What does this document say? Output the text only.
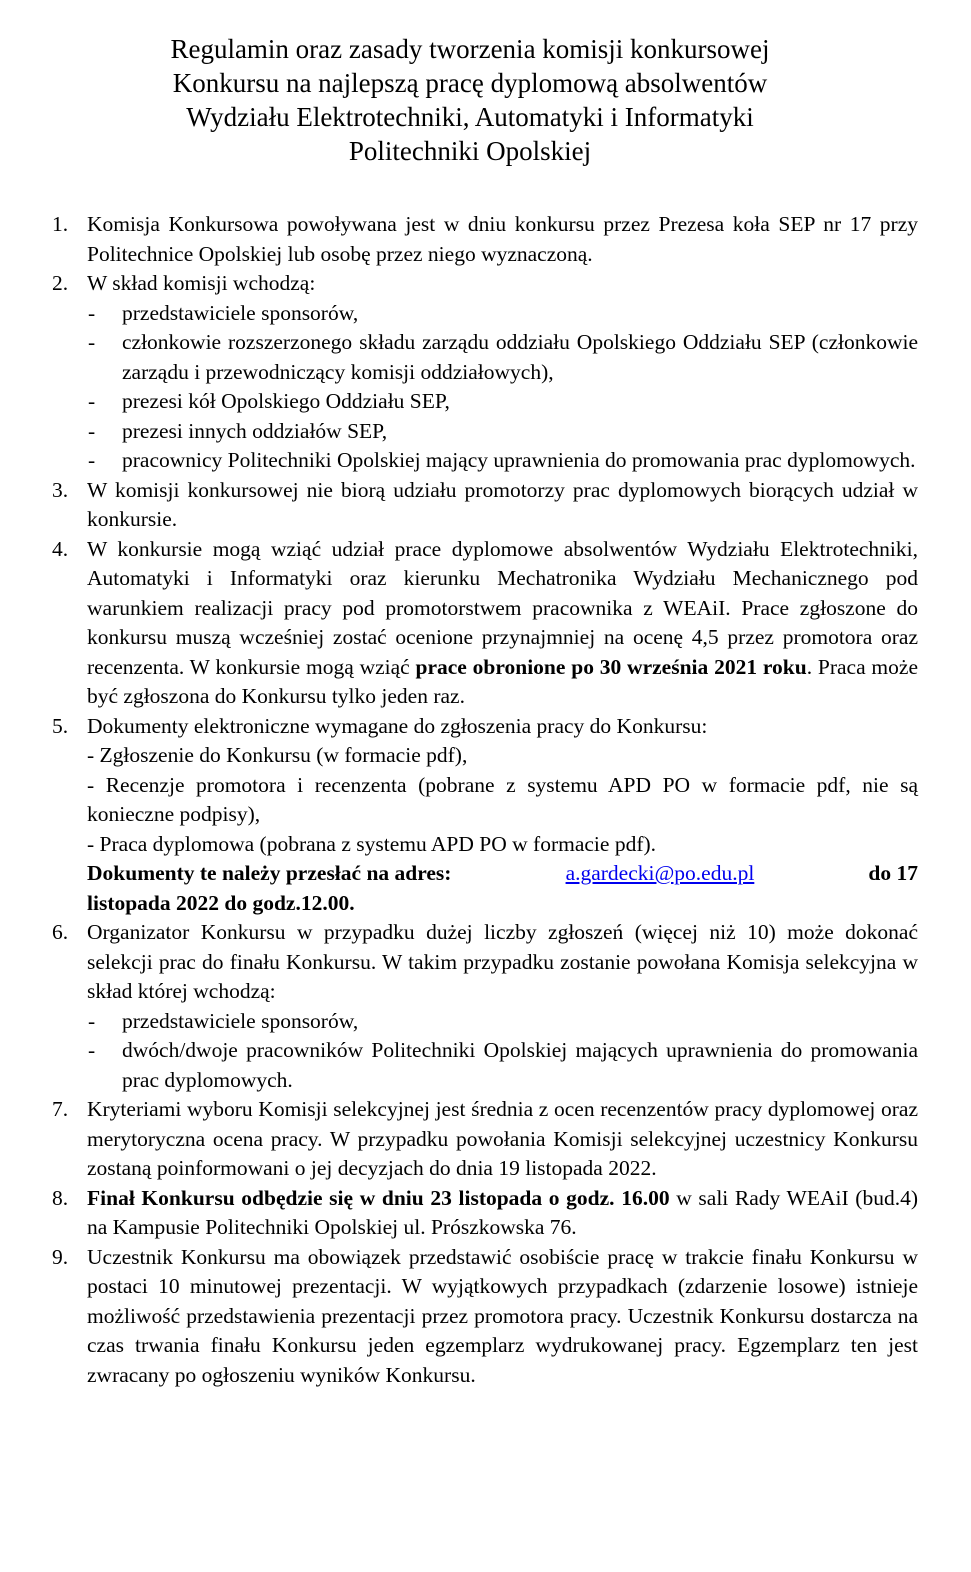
Regulamin oraz zasady tworzenia komisji konkursowej
Konkursu na najlepszą pracę dyplomową absolwentów
Wydziału Elektrotechniki, Automatyki i Informatyki
Politechniki Opolskiej
1. Komisja Konkursowa powoływana jest w dniu konkursu przez Prezesa koła SEP nr 17 przy Politechnice Opolskiej lub osobę przez niego wyznaczoną.
2. W skład komisji wchodzą:
- przedstawiciele sponsorów,
- członkowie rozszerzonego składu zarządu oddziału Opolskiego Oddziału SEP (członkowie zarządu i przewodniczący komisji oddziałowych),
- prezesi kół Opolskiego Oddziału SEP,
- prezesi innych oddziałów SEP,
- pracownicy Politechniki Opolskiej mający uprawnienia do promowania prac dyplomowych.
3. W komisji konkursowej nie biorą udziału promotorzy prac dyplomowych biorących udział w konkursie.
4. W konkursie mogą wziąć udział prace dyplomowe absolwentów Wydziału Elektrotechniki, Automatyki i Informatyki oraz kierunku Mechatronika Wydziału Mechanicznego pod warunkiem realizacji pracy pod promotorstwem pracownika z WEAiI. Prace zgłoszone do konkursu muszą wcześniej zostać ocenione przynajmniej na ocenę 4,5 przez promotora oraz recenzenta. W konkursie mogą wziąć prace obronione po 30 września 2021 roku. Praca może być zgłoszona do Konkursu tylko jeden raz.
5. Dokumenty elektroniczne wymagane do zgłoszenia pracy do Konkursu:
- Zgłoszenie do Konkursu (w formacie pdf),
- Recenzje promotora i recenzenta (pobrane z systemu APD PO w formacie pdf, nie są konieczne podpisy),
- Praca dyplomowa (pobrana z systemu APD PO w formacie pdf).
Dokumenty te należy przesłać na adres:	a.gardecki@po.edu.pl	do 17
listopada 2022 do godz.12.00.
6. Organizator Konkursu w przypadku dużej liczby zgłoszeń (więcej niż 10) może dokonać selekcji prac do finału Konkursu. W takim przypadku zostanie powołana Komisja selekcyjna w skład której wchodzą:
- przedstawiciele sponsorów,
- dwóch/dwoje pracowników Politechniki Opolskiej mających uprawnienia do promowania prac dyplomowych.
7. Kryteriami wyboru Komisji selekcyjnej jest średnia z ocen recenzentów pracy dyplomowej oraz merytoryczna ocena pracy. W przypadku powołania Komisji selekcyjnej uczestnicy Konkursu zostaną poinformowani o jej decyzjach do dnia 19 listopada 2022.
8. Finał Konkursu odbędzie się w dniu 23 listopada o godz. 16.00 w sali Rady WEAiI (bud.4) na Kampusie Politechniki Opolskiej ul. Prószkowska 76.
9. Uczestnik Konkursu ma obowiązek przedstawić osobiście pracę w trakcie finału Konkursu w postaci 10 minutowej prezentacji. W wyjątkowych przypadkach (zdarzenie losowe) istnieje możliwość przedstawienia prezentacji przez promotora pracy. Uczestnik Konkursu dostarcza na czas trwania finału Konkursu jeden egzemplarz wydrukowanej pracy. Egzemplarz ten jest zwracany po ogłoszeniu wyników Konkursu.
